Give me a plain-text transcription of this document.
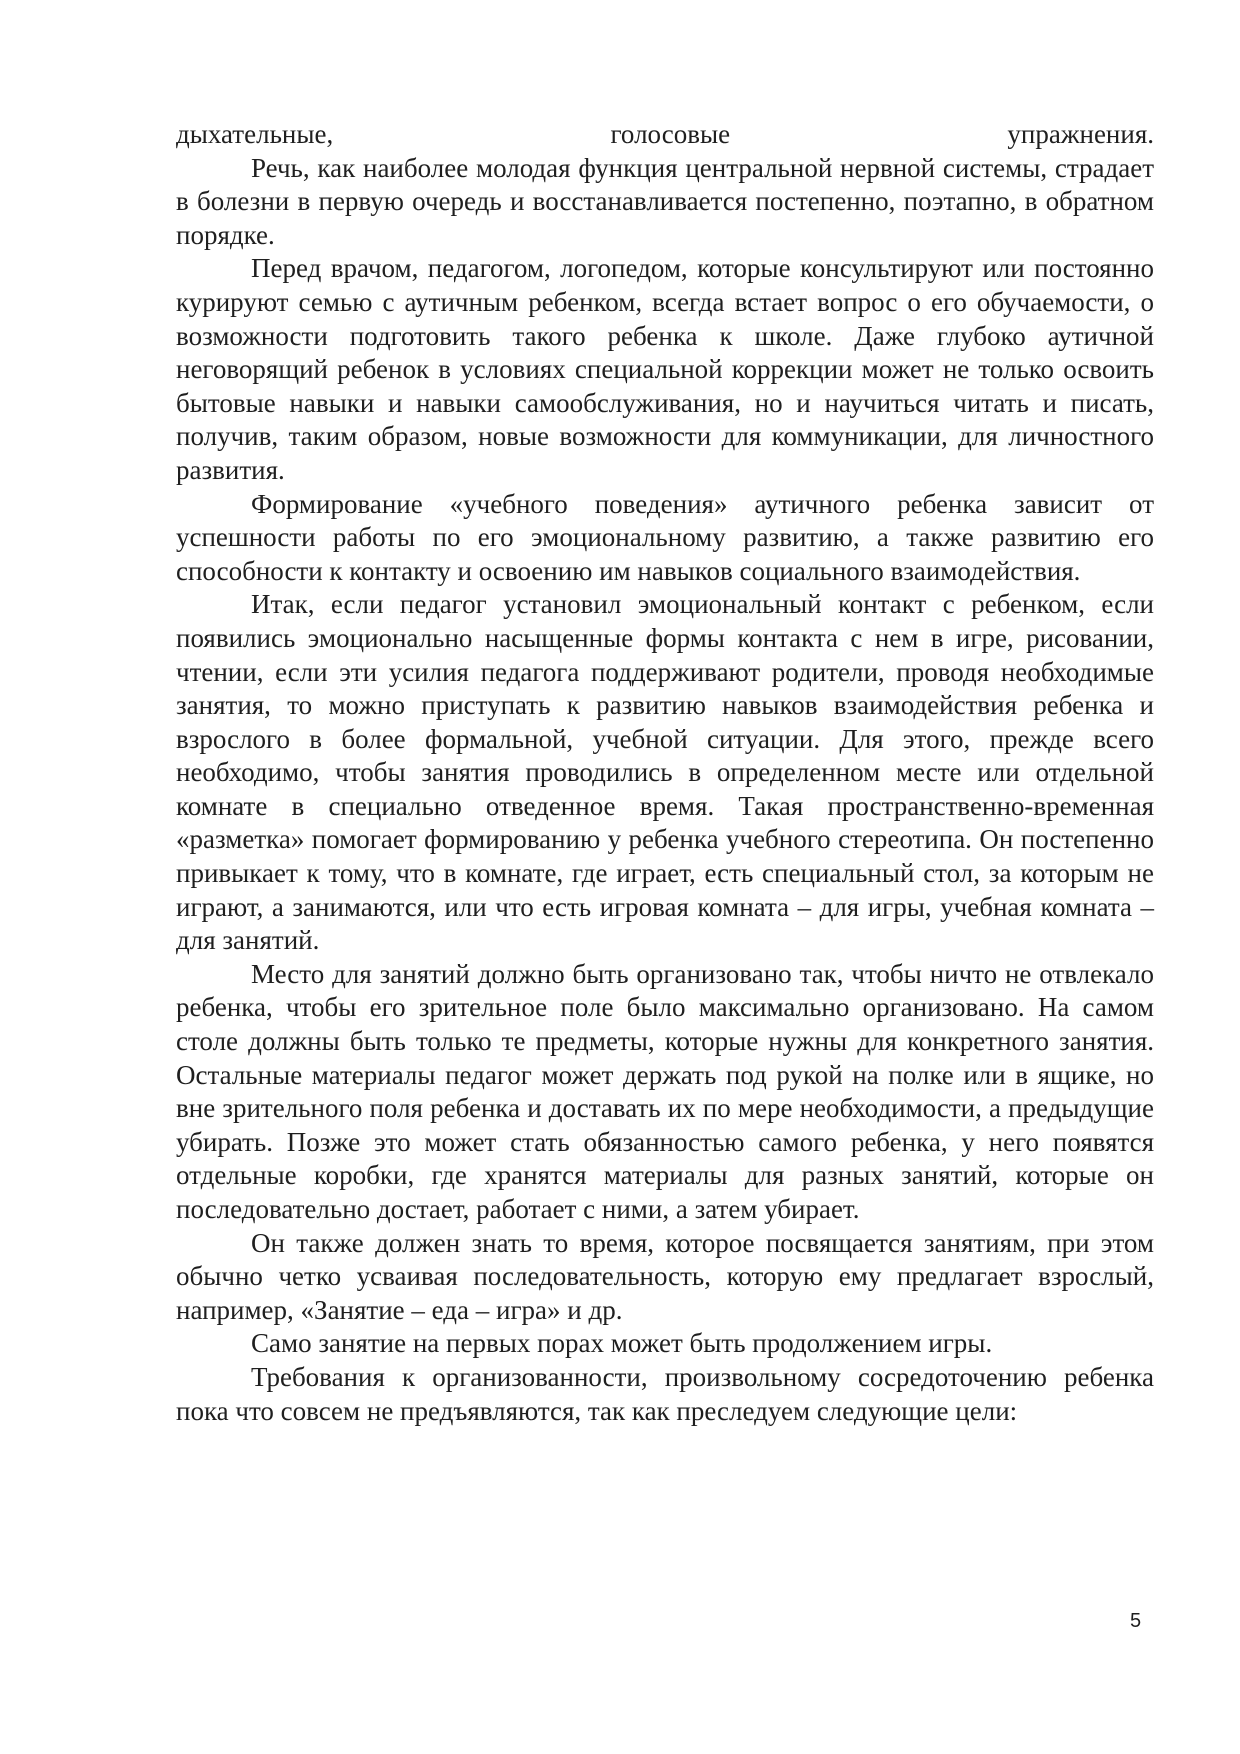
дыхательные, голосовые упражнения.

Речь, как наиболее молодая функция центральной нервной системы, страдает в болезни в первую очередь и восстанавливается постепенно, поэтапно, в обратном порядке.

Перед врачом, педагогом, логопедом, которые консультируют или постоянно курируют семью с аутичным ребенком, всегда встает вопрос о его обучаемости, о возможности подготовить такого ребенка к школе. Даже глубоко аутичной неговорящий ребенок в условиях специальной коррекции может не только освоить бытовые навыки и навыки самообслуживания, но и научиться читать и писать, получив, таким образом, новые возможности для коммуникации, для личностного развития.

Формирование «учебного поведения» аутичного ребенка зависит от успешности работы по его эмоциональному развитию, а также развитию его способности к контакту и освоению им навыков социального взаимодействия.

Итак, если педагог установил эмоциональный контакт с ребенком, если появились эмоционально насыщенные формы контакта с нем в игре, рисовании, чтении, если эти усилия педагога поддерживают родители, проводя необходимые занятия, то можно приступать к развитию навыков взаимодействия ребенка и взрослого в более формальной, учебной ситуации. Для этого, прежде всего необходимо, чтобы занятия проводились в определенном месте или отдельной комнате в специально отведенное время. Такая пространственно-временная «разметка» помогает формированию у ребенка учебного стереотипа. Он постепенно привыкает к тому, что в комнате, где играет, есть специальный стол, за которым не играют, а занимаются, или что есть игровая комната – для игры, учебная комната – для занятий.

Место для занятий должно быть организовано так, чтобы ничто не отвлекало ребенка, чтобы его зрительное поле было максимально организовано. На самом столе должны быть только те предметы, которые нужны для конкретного занятия. Остальные материалы педагог может держать под рукой на полке или в ящике, но вне зрительного поля ребенка и доставать их по мере необходимости, а предыдущие убирать. Позже это может стать обязанностью самого ребенка, у него появятся отдельные коробки, где хранятся материалы для разных занятий, которые он последовательно достает, работает с ними, а затем убирает.

Он также должен знать то время, которое посвящается занятиям, при этом обычно четко усваивая последовательность, которую ему предлагает взрослый, например, «Занятие – еда – игра» и др.

Само занятие на первых порах может быть продолжением игры.

Требования к организованности, произвольному сосредоточению ребенка пока что совсем не предъявляются, так как преследуем следующие цели:

5
